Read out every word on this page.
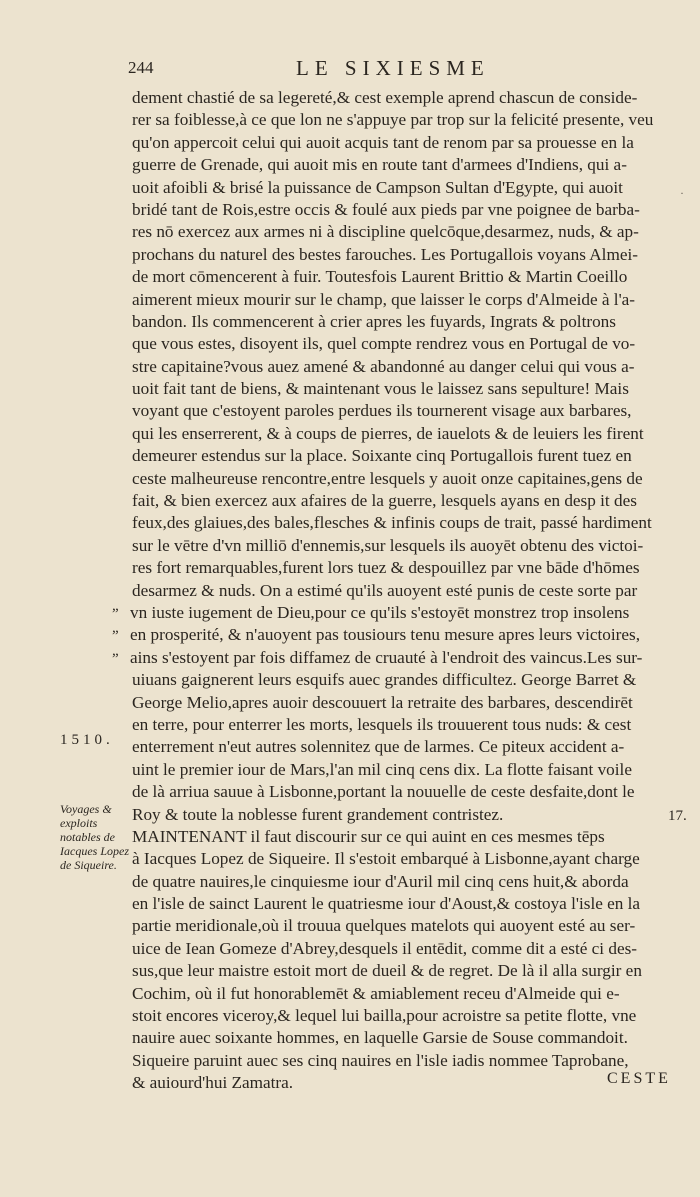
244	LE SIXIESME
·
dement chastié de sa legereté,& cest exemple aprend chascun de conside-
rer sa foiblesse,à ce que lon ne s'appuye par trop sur la felicité presente, veu
qu'on appercoit celui qui auoit acquis tant de renom par sa prouesse en la
guerre de Grenade, qui auoit mis en route tant d'armees d'Indiens, qui a-
uoit afoibli & brisé la puissance de Campson Sultan d'Egypte, qui auoit
bridé tant de Rois,estre occis & foulé aux pieds par vne poignee de barba-
res nō exercez aux armes ni à discipline quelcōque,desarmez, nuds, & ap-
prochans du naturel des bestes farouches. Les Portugallois voyans Almei-
de mort cōmencerent à fuir. Toutesfois Laurent Brittio & Martin Coeillo
aimerent mieux mourir sur le champ, que laisser le corps d'Almeide à l'a-
bandon. Ils commencerent à crier apres les fuyards, Ingrats & poltrons
que vous estes, disoyent ils, quel compte rendrez vous en Portugal de vo-
stre capitaine?vous auez amené & abandonné au danger celui qui vous a-
uoit fait tant de biens, & maintenant vous le laissez sans sepulture! Mais
voyant que c'estoyent paroles perdues ils tournerent visage aux barbares,
qui les enserrerent, & à coups de pierres, de iauelots & de leuiers les firent
demeurer estendus sur la place. Soixante cinq Portugallois furent tuez en
ceste malheureuse rencontre,entre lesquels y auoit onze capitaines,gens de
fait, & bien exercez aux afaires de la guerre, lesquels ayans en desp it des
feux,des glaiues,des bales,flesches & infinis coups de trait, passé hardiment
sur le vētre d'vn milliō d'ennemis,sur lesquels ils auoyēt obtenu des victoi-
res fort remarquables,furent lors tuez & despouillez par vne bāde d'hōmes
desarmez & nuds. On a estimé qu'ils auoyent esté punis de ceste sorte par
” vn iuste iugement de Dieu,pour ce qu'ils s'estoyēt monstrez trop insolens
” en prosperité, & n'auoyent pas tousiours tenu mesure apres leurs victoires,
” ains s'estoyent par fois diffamez de cruauté à l'endroit des vaincus.Les sur-
uiuans gaignerent leurs esquifs auec grandes difficultez. George Barret &
George Melio,apres auoir descouuert la retraite des barbares, descendirēt
en terre, pour enterrer les morts, lesquels ils trouuerent tous nuds: & cest
enterrement n'eut autres solennitez que de larmes. Ce piteux accident a-
uint le premier iour de Mars,l'an mil cinq cens dix. La flotte faisant voile
de là arriua sauue à Lisbonne,portant la nouuelle de ceste desfaite,dont le
Roy & toute la noblesse furent grandement contristez.
MAINTENANT il faut discourir sur ce qui auint en ces mesmes tēps
à Iacques Lopez de Siqueire. Il s'estoit embarqué à Lisbonne,ayant charge
de quatre nauires,le cinquiesme iour d'Auril mil cinq cens huit,& aborda
en l'isle de sainct Laurent le quatriesme iour d'Aoust,& costoya l'isle en la
partie meridionale,où il trouua quelques matelots qui auoyent esté au ser-
uice de Iean Gomeze d'Abrey,desquels il entēdit, comme dit a esté ci des-
sus,que leur maistre estoit mort de dueil & de regret. De là il alla surgir en
Cochim, où il fut honorablemēt & amiablement receu d'Almeide qui e-
stoit encores viceroy,& lequel lui bailla,pour acroistre sa petite flotte, vne
nauire auec soixante hommes, en laquelle Garsie de Souse commandoit.
Siqueire paruint auec ses cinq nauires en l'isle iadis nommee Taprobane,
& auiourd'hui Zamatra.
1510.
Voyages & exploits notables de Iacques Lopez de Siqueire.
17.
CESTE
